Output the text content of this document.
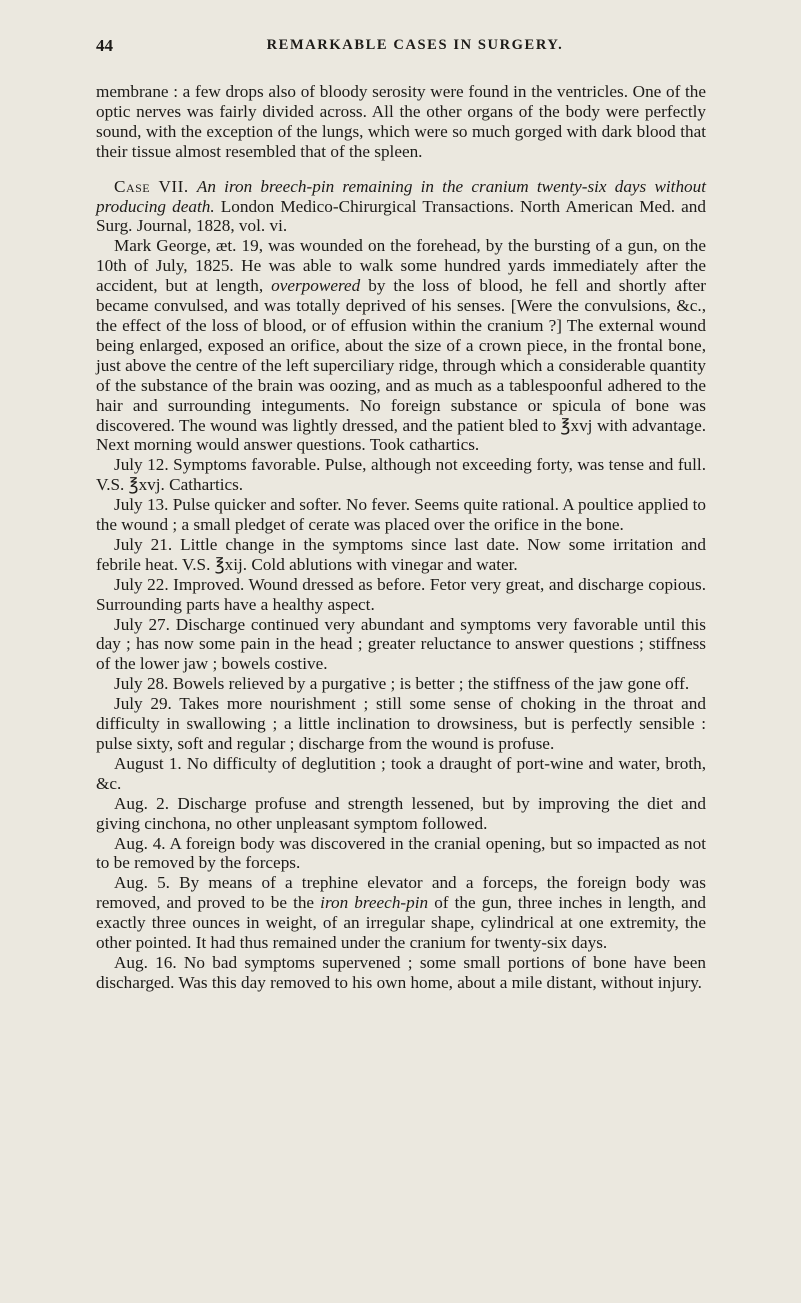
44	REMARKABLE CASES IN SURGERY.

membrane : a few drops also of bloody serosity were found in the ventricles. One of the optic nerves was fairly divided across. All the other organs of the body were perfectly sound, with the exception of the lungs, which were so much gorged with dark blood that their tissue almost resembled that of the spleen.

Case VII. An iron breech-pin remaining in the cranium twenty-six days without producing death. London Medico-Chirurgical Transactions. North American Med. and Surg. Journal, 1828, vol. vi.

Mark George, æt. 19, was wounded on the forehead, by the bursting of a gun, on the 10th of July, 1825. He was able to walk some hundred yards immediately after the accident, but at length, overpowered by the loss of blood, he fell and shortly after became convulsed, and was totally deprived of his senses. [Were the convulsions, &c., the effect of the loss of blood, or of effusion within the cranium ?] The external wound being enlarged, exposed an orifice, about the size of a crown piece, in the frontal bone, just above the centre of the left superciliary ridge, through which a considerable quantity of the substance of the brain was oozing, and as much as a tablespoonful adhered to the hair and surrounding integuments. No foreign substance or spicula of bone was discovered. The wound was lightly dressed, and the patient bled to ℥xvj with advantage. Next morning would answer questions. Took cathartics.

July 12. Symptoms favorable. Pulse, although not exceeding forty, was tense and full. V.S. ℥xvj. Cathartics.

July 13. Pulse quicker and softer. No fever. Seems quite rational. A poultice applied to the wound ; a small pledget of cerate was placed over the orifice in the bone.

July 21. Little change in the symptoms since last date. Now some irritation and febrile heat. V.S. ℥xij. Cold ablutions with vinegar and water.

July 22. Improved. Wound dressed as before. Fetor very great, and discharge copious. Surrounding parts have a healthy aspect.

July 27. Discharge continued very abundant and symptoms very favorable until this day ; has now some pain in the head ; greater reluctance to answer questions ; stiffness of the lower jaw ; bowels costive.

July 28. Bowels relieved by a purgative ; is better ; the stiffness of the jaw gone off.

July 29. Takes more nourishment ; still some sense of choking in the throat and difficulty in swallowing ; a little inclination to drowsiness, but is perfectly sensible : pulse sixty, soft and regular ; discharge from the wound is profuse.

August 1. No difficulty of deglutition ; took a draught of port-wine and water, broth, &c.

Aug. 2. Discharge profuse and strength lessened, but by improving the diet and giving cinchona, no other unpleasant symptom followed.

Aug. 4. A foreign body was discovered in the cranial opening, but so impacted as not to be removed by the forceps.

Aug. 5. By means of a trephine elevator and a forceps, the foreign body was removed, and proved to be the iron breech-pin of the gun, three inches in length, and exactly three ounces in weight, of an irregular shape, cylindrical at one extremity, the other pointed. It had thus remained under the cranium for twenty-six days.

Aug. 16. No bad symptoms supervened ; some small portions of bone have been discharged. Was this day removed to his own home, about a mile distant, without injury.
